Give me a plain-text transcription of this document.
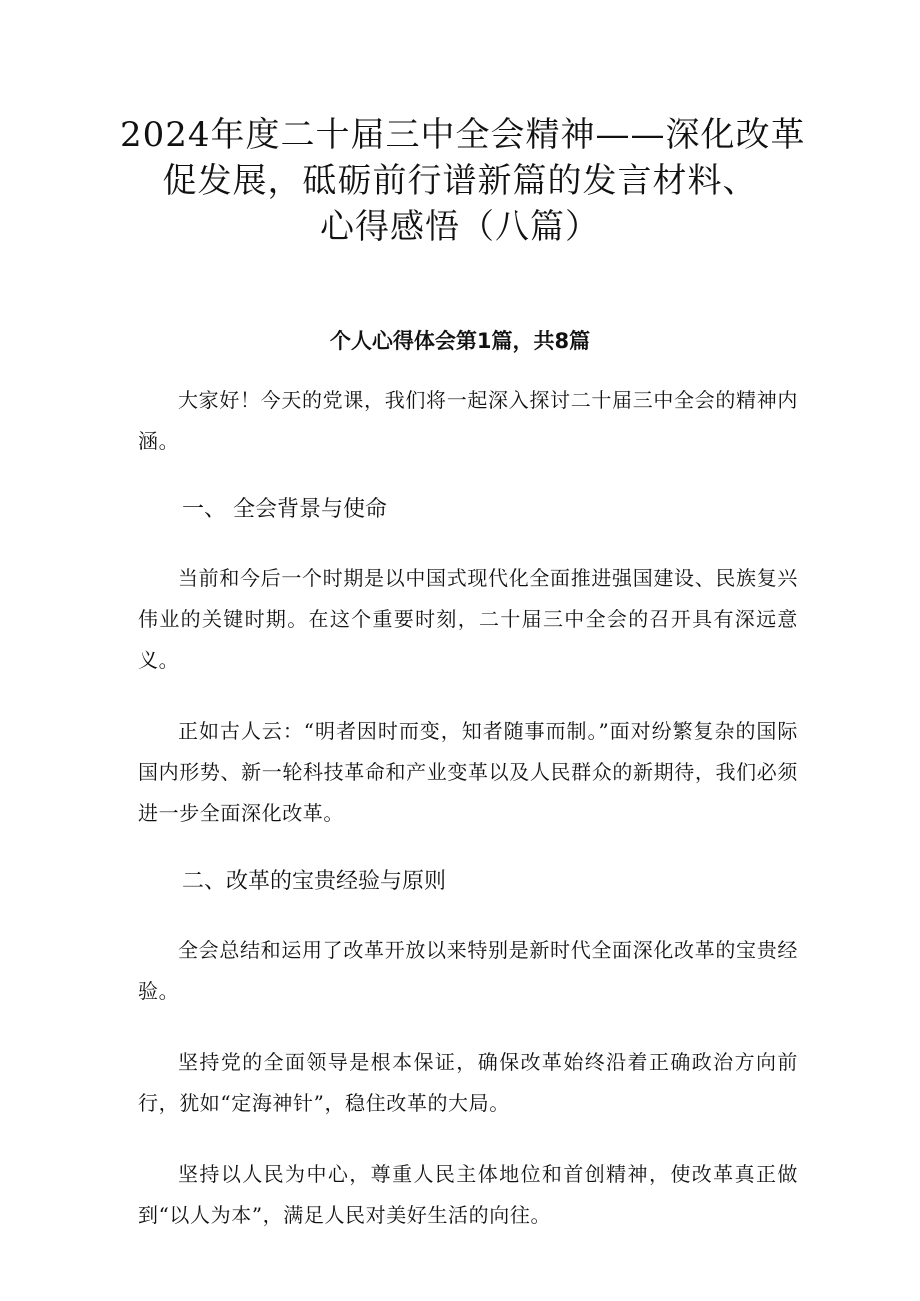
2024年度二十届三中全会精神——深化改革
促发展，砥砺前行谱新篇的发言材料、
心得感悟（八篇）
个人心得体会第1篇，共8篇

大家好！今天的党课，我们将一起深入探讨二十届三中全会的精神内涵。

一、 全会背景与使命

当前和今后一个时期是以中国式现代化全面推进强国建设、民族复兴伟业的关键时期。在这个重要时刻，二十届三中全会的召开具有深远意义。

正如古人云：“明者因时而变，知者随事而制。”面对纷繁复杂的国际国内形势、新一轮科技革命和产业变革以及人民群众的新期待，我们必须进一步全面深化改革。

二、改革的宝贵经验与原则

全会总结和运用了改革开放以来特别是新时代全面深化改革的宝贵经验。

坚持党的全面领导是根本保证，确保改革始终沿着正确政治方向前行，犹如“定海神针”，稳住改革的大局。

坚持以人民为中心，尊重人民主体地位和首创精神，使改革真正做到“以人为本”，满足人民对美好生活的向往。
